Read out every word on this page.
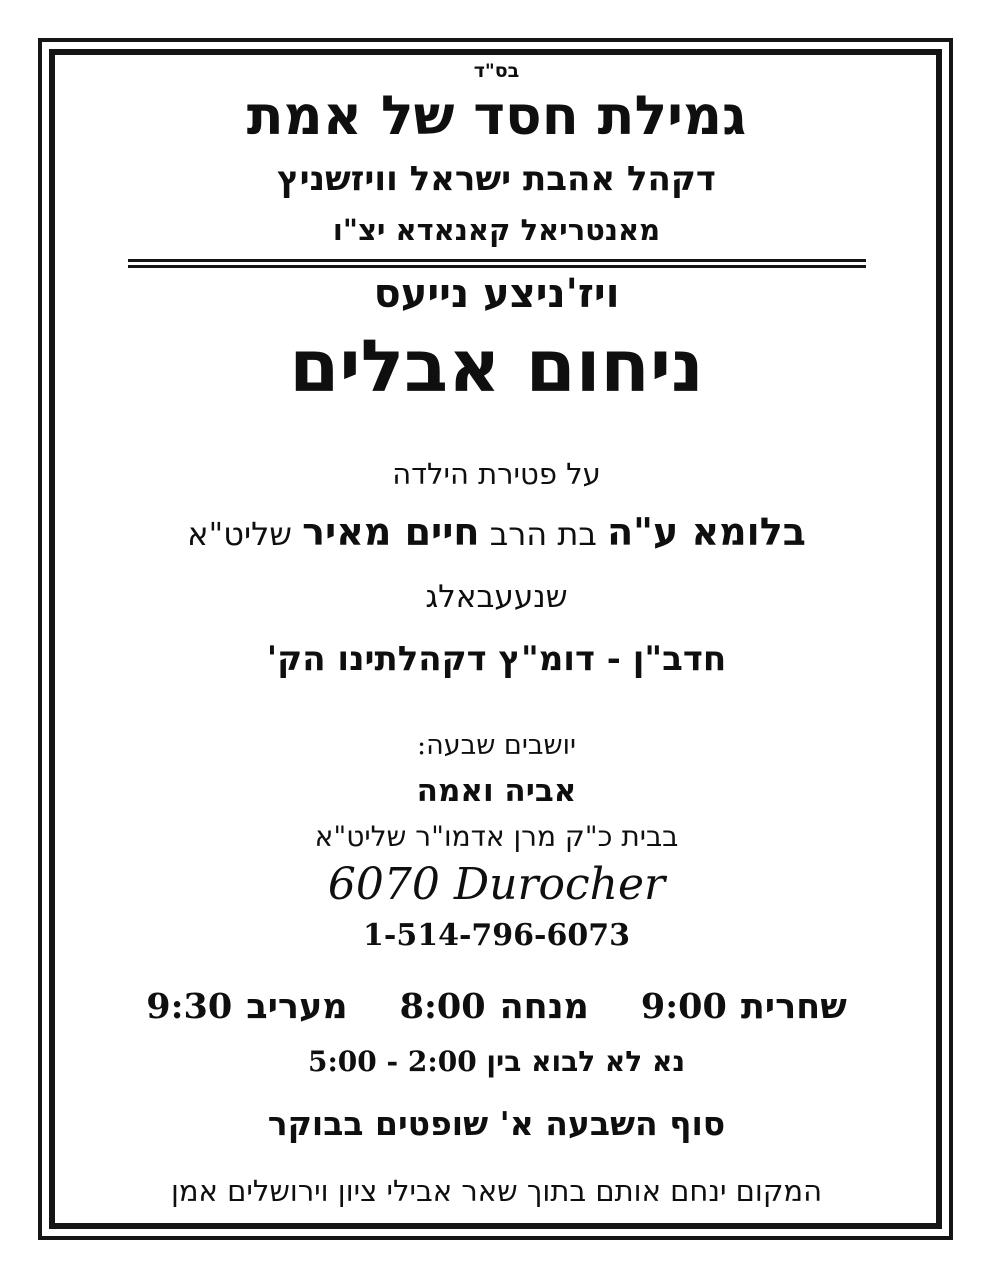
בס"ד
גמילת חסד של אמת
דקהל אהבת ישראל וויזשניץ
מאנטריאל קאנאדא יצ"ו
ויז'ניצע נייעס
ניחום אבלים
על פטירת הילדה
בלומא ע"ה בת הרב חיים מאיר שליט"א
שנעעבאלג
חדב"ן - דומ"ץ דקהלתינו הק'
יושבים שבעה:
אביה ואמה
בבית כ"ק מרן אדמו"ר שליט"א
6070 Durocher
1-514-796-6073
שחרית
9:00
מנחה
8:00
מעריב
9:30
נא לא לבוא בין 2:00 - 5:00
סוף השבעה א' שופטים בבוקר
המקום ינחם אותם בתוך שאר אבילי ציון וירושלים אמן
